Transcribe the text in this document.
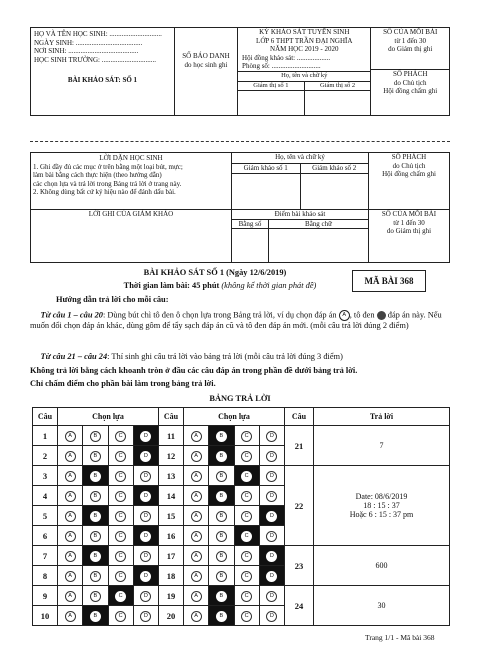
HỌ VÀ TÊN HỌC SINH: ..............................
NGÀY SINH: ......................................
NƠI SINH: ........................................
HỌC SINH TRƯỜNG: ...............................
BÀI KHẢO SÁT: SỐ 1

SỐ BÁO DANH
do học sinh ghi

KỲ KHẢO SÁT TUYỂN SINH
LỚP 6 THPT TRẦN ĐẠI NGHĨA
NĂM HỌC 2019 - 2020
Hội đồng khảo sát: ...................
Phòng số: ............................
Họ, tên và chữ ký
Giám thị số 1	Giám thị số 2

SỐ CỦA MỖI BÀI
từ 1 đến 30
do Giám thị ghi
SỐ PHÁCH
do Chủ tịch
Hội đồng chấm ghi
LỜI DẶN HỌC SINH
1. Ghi đầy đủ các mục ở trên bằng một loại bút, mực;
làm bài bằng cách thực hiện (theo hướng dẫn)
các chọn lựa và trả lời trong Bảng trả lời ở trang này.
2. Không dùng bất cứ ký hiệu nào để đánh dấu bài.

Họ, tên và chữ ký
Giám khảo số 1	Giám khảo số 2

SỐ PHÁCH
do Chủ tịch
Hội đồng chấm ghi

LỜI GHI CỦA GIÁM KHẢO
		Điểm bài khảo sát
Bằng số	Bằng chữ

SỐ CỦA MỖI BÀI
từ 1 đến 30
do Giám thị ghi
BÀI KHẢO SÁT SỐ 1 (Ngày 12/6/2019)
Thời gian làm bài: 45 phút (không kể thời gian phát đề)	MÃ BÀI 368
Hướng dẫn trả lời cho mỗi câu:
Từ câu 1 – câu 20: Dùng bút chì tô đen ô chọn lựa trong Bảng trả lời, ví dụ chọn đáp án A , tô đen đáp án này. Nếu muốn đổi chọn đáp án khác, dùng gôm để tẩy sạch đáp án cũ và tô đen đáp án mới. (mỗi câu trả lời đúng 2 điểm)
Từ câu 21 – câu 24: Thí sinh ghi câu trả lời vào bảng trả lời (mỗi câu trả lời đúng 3 điểm)
Không trả lời bằng cách khoanh tròn ở đầu các câu đáp án trong phần đề dưới bảng trả lời.
Chỉ chấm điểm cho phần bài làm trong bảng trả lời.
BẢNG TRẢ LỜI
Câu	Chọn lựa				Câu	Chọn lựa				Câu	Trả lời
1	A	B	C	D	11	A	B	C	D	21	7

2	A	B	C	D	12	A	B	C	D		
3	A	B	C	D	13	A	B	C	D	22	Date: 08/6/2019
18 : 15 : 37
Hoặc 6 : 15 : 37 pm

4	A	B	C	D	14	A	B	C	D		
5	A	B	C	D	15	A	B	C	D		
6	A	B	C	D	16	A	B	C	D		
7	A	B	C	D	17	A	B	C	D	23	600

8	A	B	C	D	18	A	B	C	D		
9	A	B	C	D	19	A	B	C	D	24	30

10	A	B	C	D	20	A	B	C	D		
Trang 1/1 - Mã bài 368
